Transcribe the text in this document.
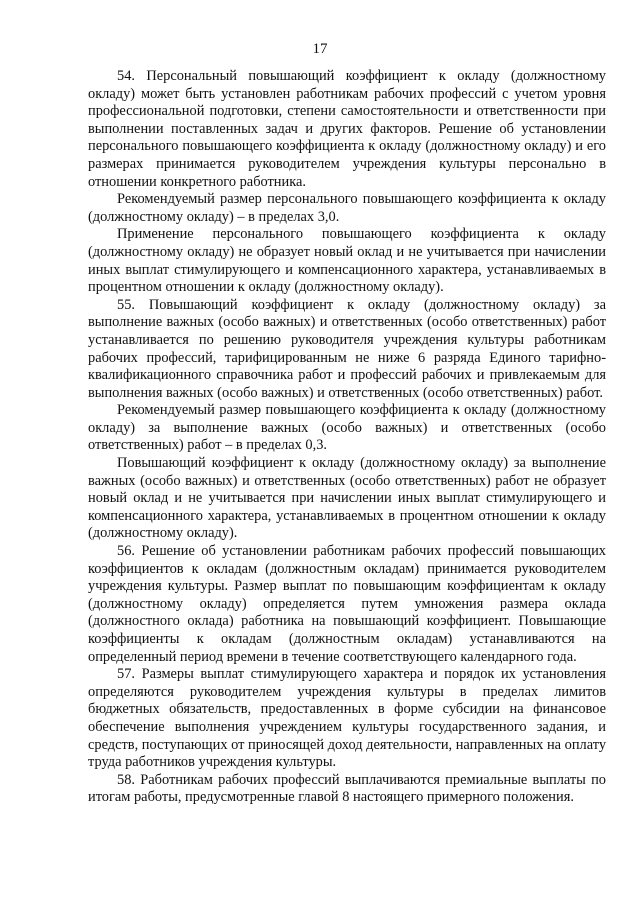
17

54. Персональный повышающий коэффициент к окладу (должностному окладу) может быть установлен работникам рабочих профессий с учетом уровня профессиональной подготовки, степени самостоятельности и ответственности при выполнении поставленных задач и других факторов. Решение об установлении персонального повышающего коэффициента к окладу (должностному окладу) и его размерах принимается руководителем учреждения культуры персонально в отношении конкретного работника.

Рекомендуемый размер персонального повышающего коэффициента к окладу (должностному окладу) – в пределах 3,0.

Применение персонального повышающего коэффициента к окладу (должностному окладу) не образует новый оклад и не учитывается при начислении иных выплат стимулирующего и компенсационного характера, устанавливаемых в процентном отношении к окладу (должностному окладу).

55. Повышающий коэффициент к окладу (должностному окладу) за выполнение важных (особо важных) и ответственных (особо ответственных) работ устанавливается по решению руководителя учреждения культуры работникам рабочих профессий, тарифицированным не ниже 6 разряда Единого тарифно-квалификационного справочника работ и профессий рабочих и привлекаемым для выполнения важных (особо важных) и ответственных (особо ответственных) работ.

Рекомендуемый размер повышающего коэффициента к окладу (должностному окладу) за выполнение важных (особо важных) и ответственных (особо ответственных) работ – в пределах 0,3.

Повышающий коэффициент к окладу (должностному окладу) за выполнение важных (особо важных) и ответственных (особо ответственных) работ не образует новый оклад и не учитывается при начислении иных выплат стимулирующего и компенсационного характера, устанавливаемых в процентном отношении к окладу (должностному окладу).

56. Решение об установлении работникам рабочих профессий повышающих коэффициентов к окладам (должностным окладам) принимается руководителем учреждения культуры. Размер выплат по повышающим коэффициентам к окладу (должностному окладу) определяется путем умножения размера оклада (должностного оклада) работника на повышающий коэффициент. Повышающие коэффициенты к окладам (должностным окладам) устанавливаются на определенный период времени в течение соответствующего календарного года.

57. Размеры выплат стимулирующего характера и порядок их установления определяются руководителем учреждения культуры в пределах лимитов бюджетных обязательств, предоставленных в форме субсидии на финансовое обеспечение выполнения учреждением культуры государственного задания, и средств, поступающих от приносящей доход деятельности, направленных на оплату труда работников учреждения культуры.

58. Работникам рабочих профессий выплачиваются премиальные выплаты по итогам работы, предусмотренные главой 8 настоящего примерного положения.
